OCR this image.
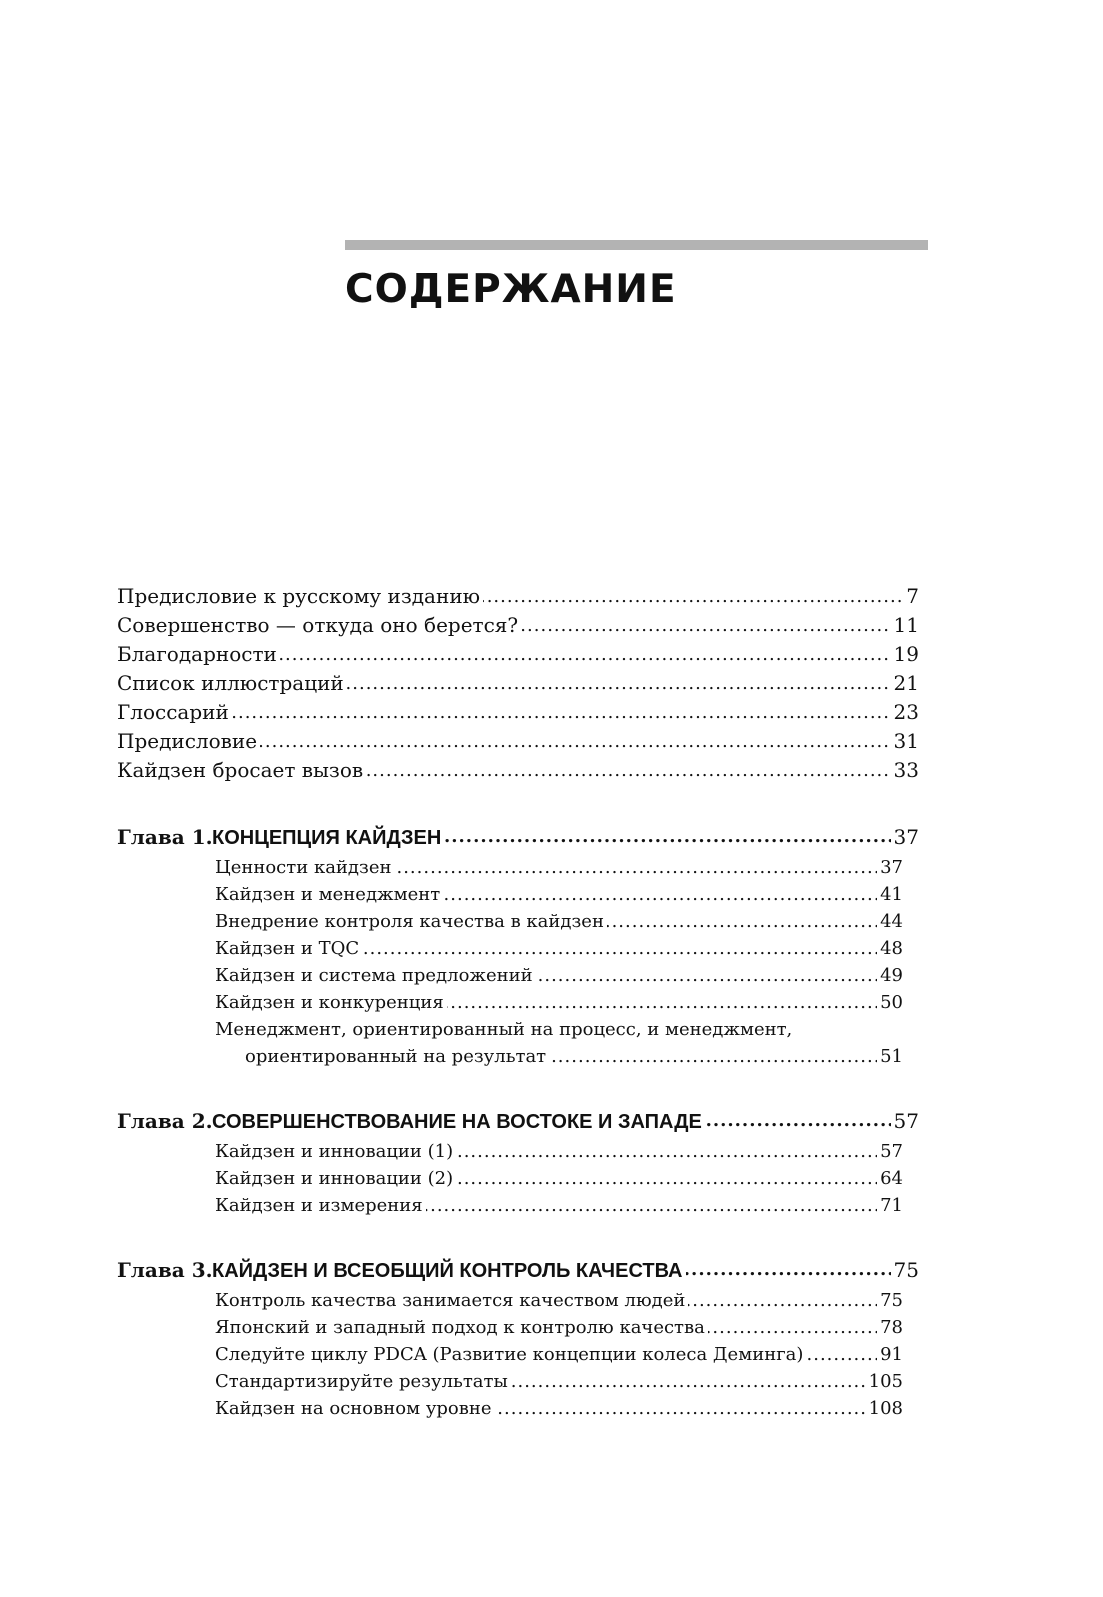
СОДЕРЖАНИЕ
..... Предисловие к русскому изданию	7
..... Совершенство — откуда оно берется?	11
..... Благодарности	19
..... Список иллюстраций	21
..... Глоссарий	23
..... Предисловие	31
..... Кайдзен бросает вызов	33
..... Глава 1.КОНЦЕПЦИЯ КАЙДЗЕН	37
..... Ценности кайдзен	37
..... Кайдзен и менеджмент	41
..... Внедрение контроля качества в кайдзен	44
..... Кайдзен и TQC	48
..... Кайдзен и система предложений	49
..... Кайдзен и конкуренция	50
Менеджмент, ориентированный на процесс, и менеджмент,
..... ориентированный на результат	51
..... Глава 2.СОВЕРШЕНСТВОВАНИЕ НА ВОСТОКЕ И ЗАПАДЕ	57
..... Кайдзен и инновации (1)	57
..... Кайдзен и инновации (2)	64
..... Кайдзен и измерения	71
..... Глава 3.КАЙДЗЕН И ВСЕОБЩИЙ КОНТРОЛЬ КАЧЕСТВА	75
..... Контроль качества занимается качеством людей	75
..... Японский и западный подход к контролю качества	78
..... Следуйте циклу PDCA (Развитие концепции колеса Деминга)	91
..... Стандартизируйте результаты	105
..... Кайдзен на основном уровне	108
